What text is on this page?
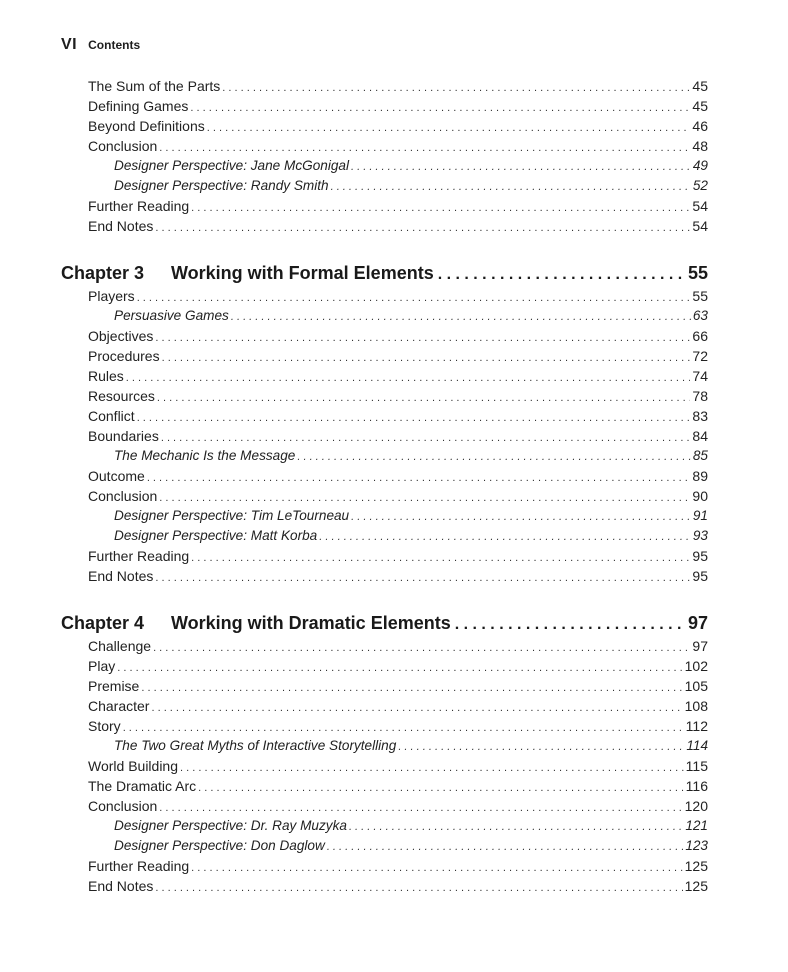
VI Contents
The Sum of the Parts . . .	45
Defining Games . . .	45
Beyond Definitions . . .	46
Conclusion . . .	48
Designer Perspective: Jane McGonigal . . .	49
Designer Perspective: Randy Smith . . .	52
Further Reading . . .	54
End Notes . . .	54
Chapter 3	Working with Formal Elements . . .	55
Players . . .	55
Persuasive Games . . .	63
Objectives . . .	66
Procedures . . .	72
Rules . . .	74
Resources . . .	78
Conflict . . .	83
Boundaries . . .	84
The Mechanic Is the Message . . .	85
Outcome . . .	89
Conclusion . . .	90
Designer Perspective: Tim LeTourneau . . .	91
Designer Perspective: Matt Korba . . .	93
Further Reading . . .	95
End Notes . . .	95
Chapter 4	Working with Dramatic Elements . . .	97
Challenge . . .	97
Play . . .	102
Premise . . .	105
Character . . .	108
Story . . .	112
The Two Great Myths of Interactive Storytelling . . .	114
World Building . . .	115
The Dramatic Arc . . .	116
Conclusion . . .	120
Designer Perspective: Dr. Ray Muzyka . . .	121
Designer Perspective: Don Daglow . . .	123
Further Reading . . .	125
End Notes . . .	125
